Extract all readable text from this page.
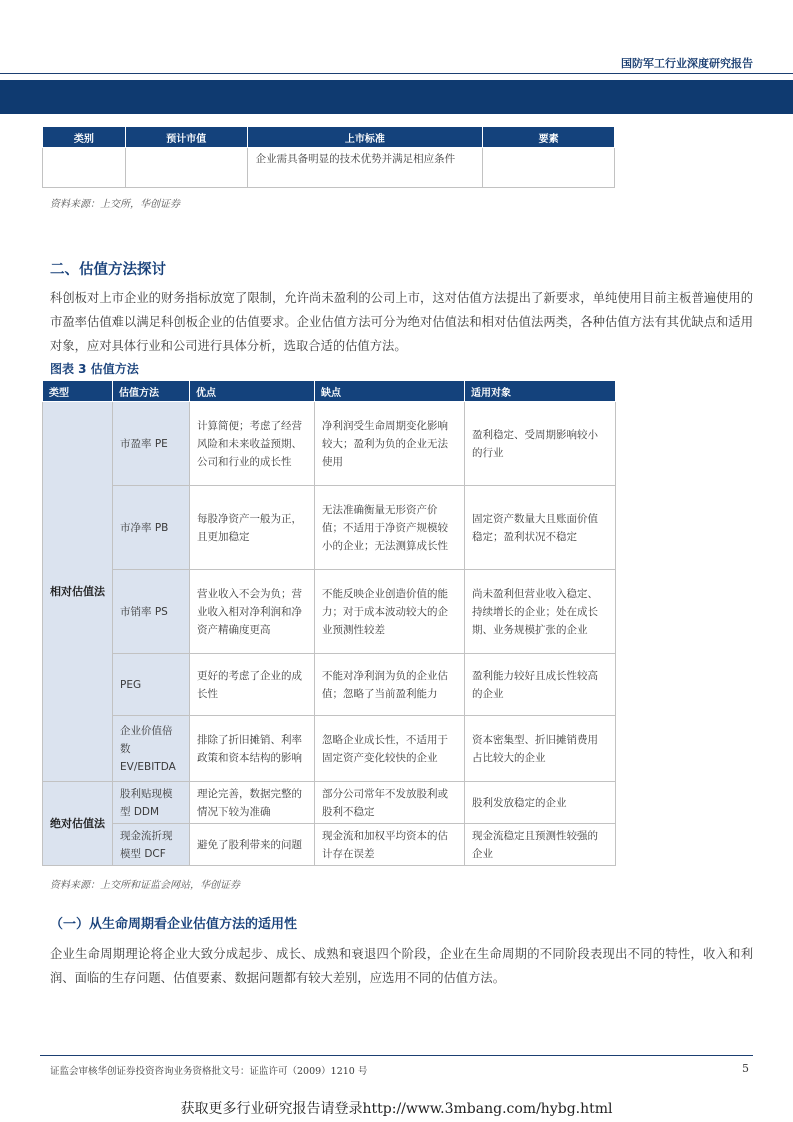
国防军工行业深度研究报告
类别	预计市值	上市标准	要素
		企业需具备明显的技术优势并满足相应条件	
资料来源：上交所，华创证券
二、估值方法探讨
科创板对上市企业的财务指标放宽了限制，允许尚未盈利的公司上市，这对估值方法提出了新要求，单纯使用目前主板普遍使用的市盈率估值难以满足科创板企业的估值要求。企业估值方法可分为绝对估值法和相对估值法两类，各种估值方法有其优缺点和适用对象，应对具体行业和公司进行具体分析，选取合适的估值方法。
图表 3 估值方法
类型	估值方法	优点	缺点	适用对象
相对估值法	市盈率 PE	计算简便；考虑了经营风险和未来收益预期、公司和行业的成长性	净利润受生命周期变化影响较大；盈利为负的企业无法使用	盈利稳定、受周期影响较小的行业
	市净率 PB	每股净资产一般为正，且更加稳定	无法准确衡量无形资产价值；不适用于净资产规模较小的企业；无法测算成长性	固定资产数量大且账面价值稳定；盈利状况不稳定
	市销率 PS	营业收入不会为负；营业收入相对净利润和净资产精确度更高	不能反映企业创造价值的能力；对于成本波动较大的企业预测性较差	尚未盈利但营业收入稳定、持续增长的企业；处在成长期、业务规模扩张的企业
	PEG	更好的考虑了企业的成长性	不能对净利润为负的企业估值；忽略了当前盈利能力	盈利能力较好且成长性较高的企业
	企业价值倍数 EV/EBITDA	排除了折旧摊销、利率政策和资本结构的影响	忽略企业成长性，不适用于固定资产变化较快的企业	资本密集型、折旧摊销费用占比较大的企业
绝对估值法	股利贴现模型 DDM	理论完善，数据完整的情况下较为准确	部分公司常年不发放股利或股利不稳定	股利发放稳定的企业
	现金流折现模型 DCF	避免了股利带来的问题	现金流和加权平均资本的估计存在误差	现金流稳定且预测性较强的企业
资料来源：上交所和证监会网站，华创证券
（一）从生命周期看企业估值方法的适用性
企业生命周期理论将企业大致分成起步、成长、成熟和衰退四个阶段，企业在生命周期的不同阶段表现出不同的特性，收入和利润、面临的生存问题、估值要素、数据问题都有较大差别，应选用不同的估值方法。
证监会审核华创证券投资咨询业务资格批文号：证监许可（2009）1210 号	5
获取更多行业研究报告请登录http://www.3mbang.com/hybg.html
